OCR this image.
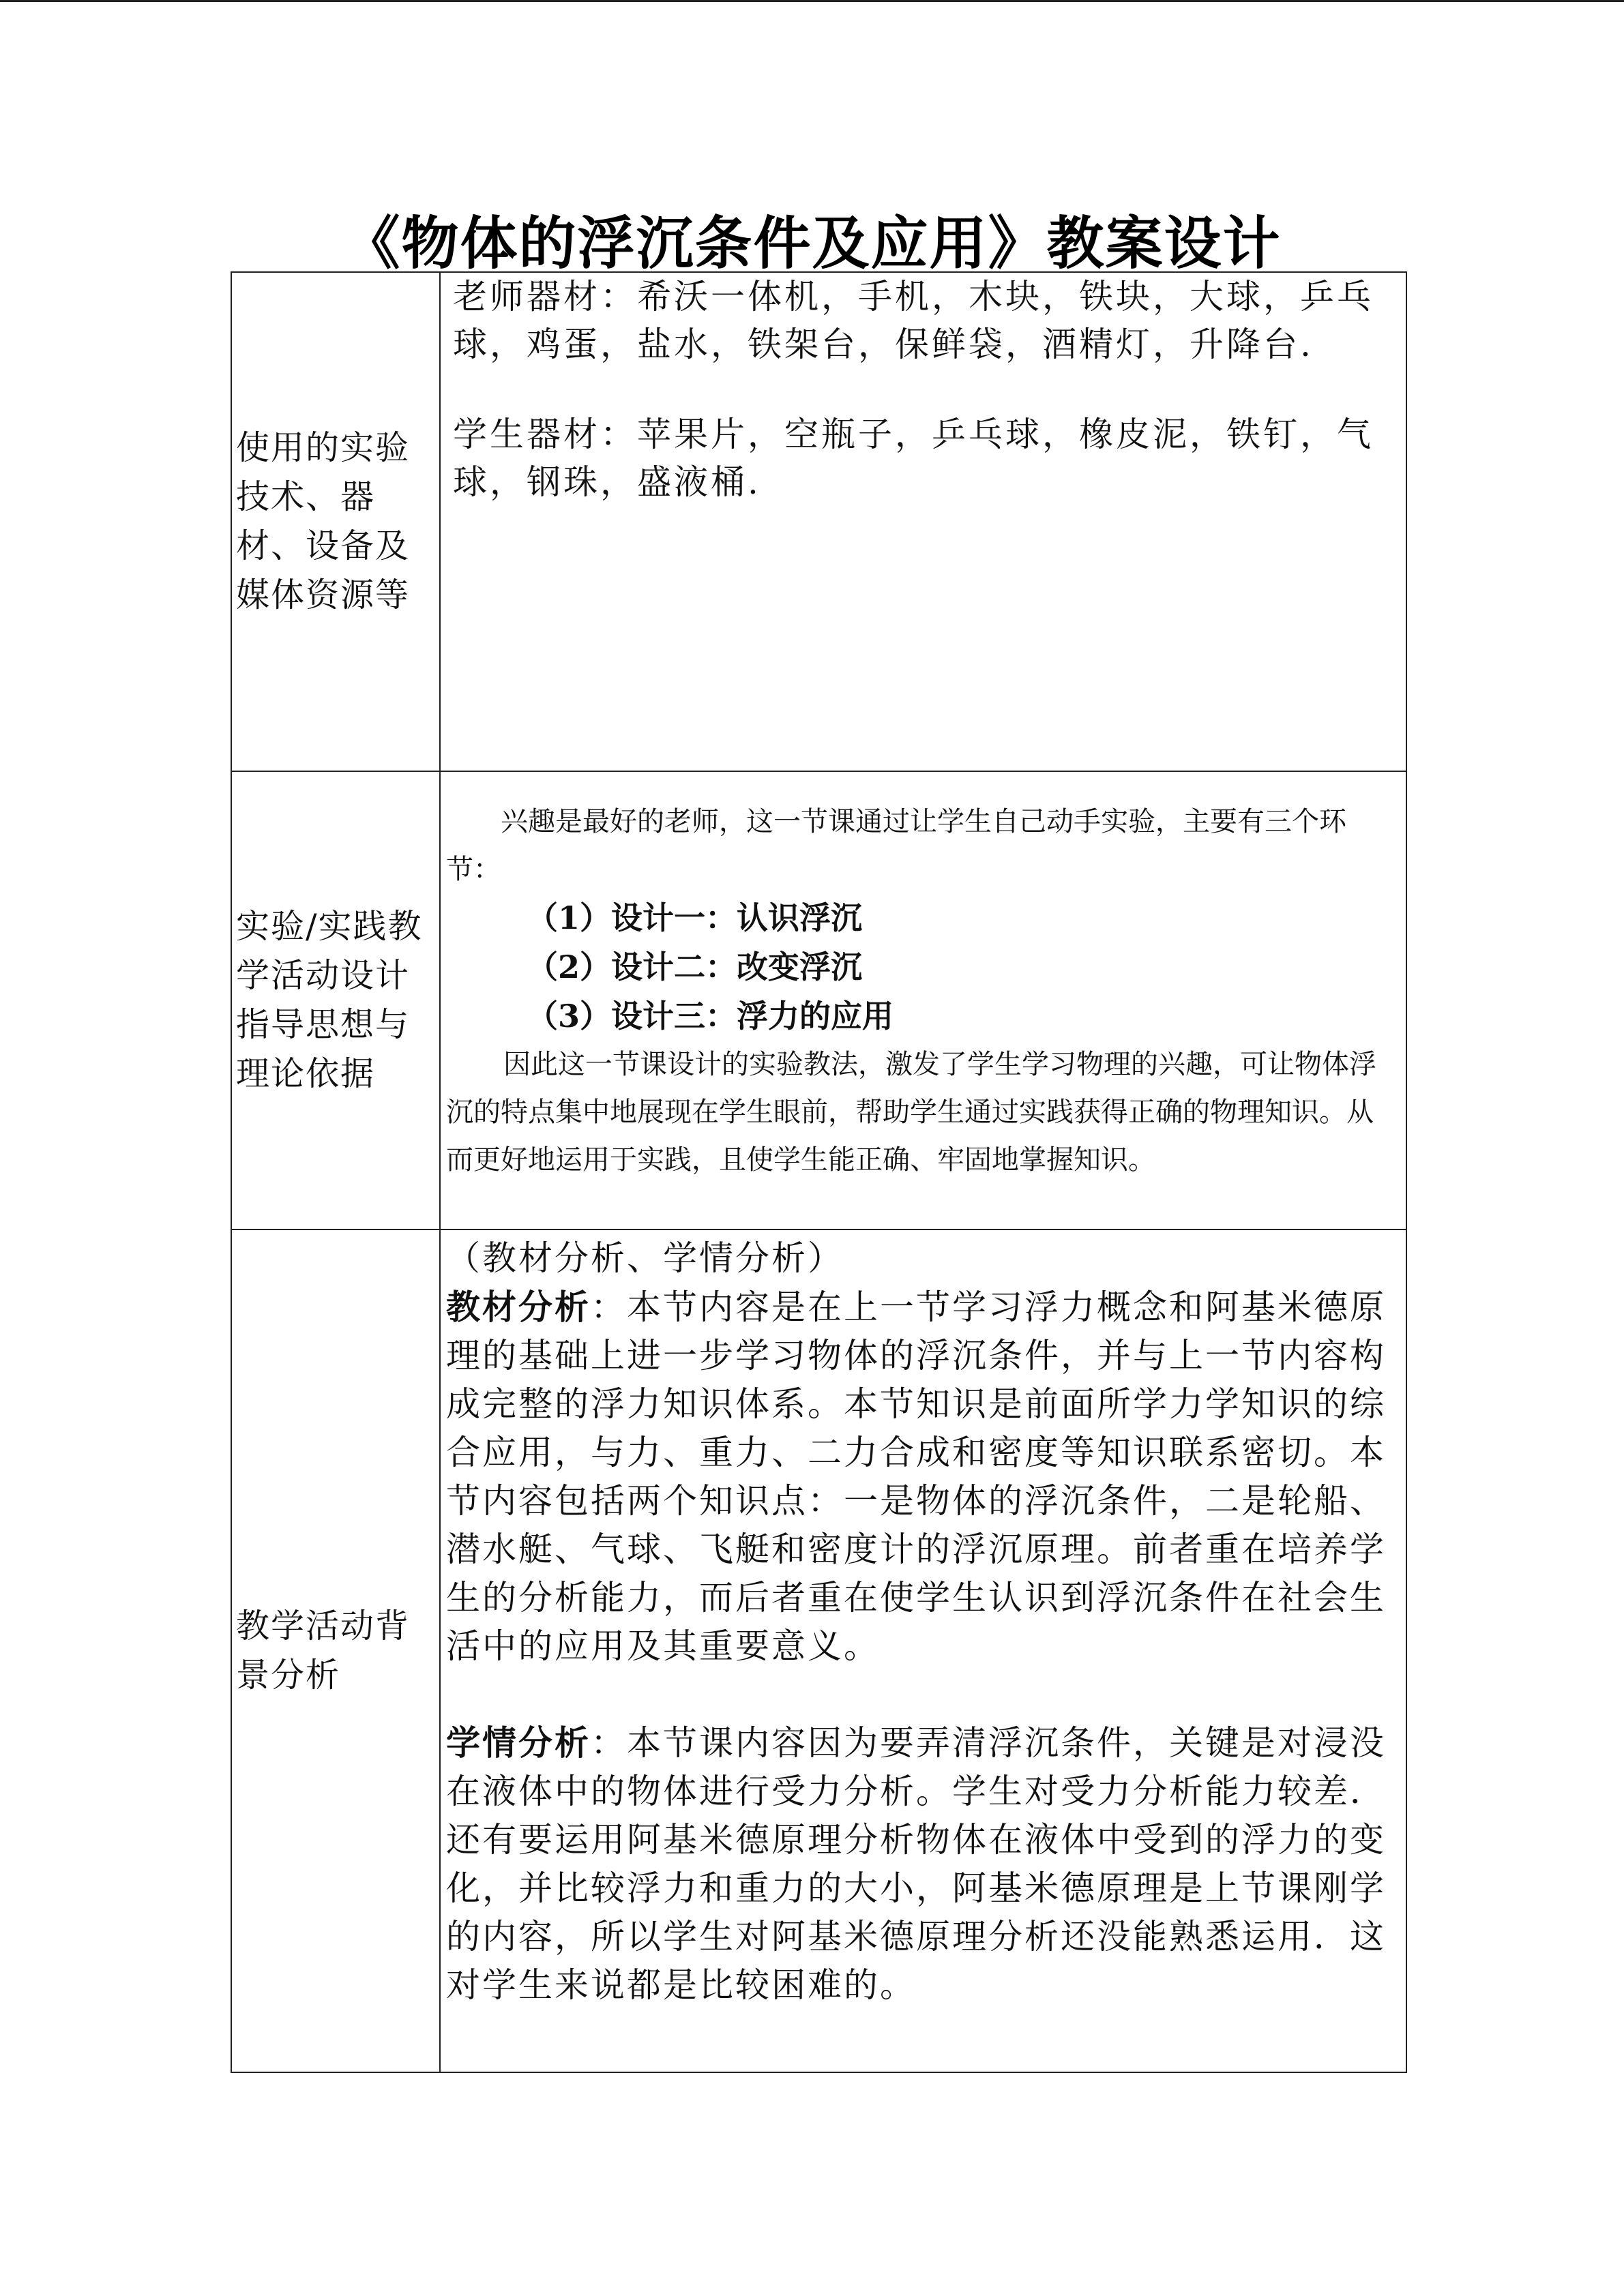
《物体的浮沉条件及应用》教案设计
使用的实验技术、器材、设备及媒体资源等	老师器材：希沃一体机，手机，木块，铁块，大球，乒乓球，鸡蛋，盐水，铁架台，保鲜袋，酒精灯，升降台.

学生器材：苹果片，空瓶子，乒乓球，橡皮泥，铁钉，气球，钢珠，盛液桶.

实验/实践教学活动设计指导思想与理论依据	兴趣是最好的老师，这一节课通过让学生自己动手实验，主要有三个环节：

（1）设计一：认识浮沉
（2）设计二：改变浮沉
（3）设计三：浮力的应用

因此这一节课设计的实验教法，激发了学生学习物理的兴趣，可让物体浮沉的特点集中地展现在学生眼前，帮助学生通过实践获得正确的物理知识。从而更好地运用于实践，且使学生能正确、牢固地掌握知识。

教学活动背景分析	（教材分析、学情分析）

教材分析：本节内容是在上一节学习浮力概念和阿基米德原理的基础上进一步学习物体的浮沉条件，并与上一节内容构成完整的浮力知识体系。本节知识是前面所学力学知识的综合应用，与力、重力、二力合成和密度等知识联系密切。本节内容包括两个知识点：一是物体的浮沉条件，二是轮船、潜水艇、气球、飞艇和密度计的浮沉原理。前者重在培养学生的分析能力，而后者重在使学生认识到浮沉条件在社会生活中的应用及其重要意义。

学情分析：本节课内容因为要弄清浮沉条件，关键是对浸没在液体中的物体进行受力分析。学生对受力分析能力较差．还有要运用阿基米德原理分析物体在液体中受到的浮力的变化，并比较浮力和重力的大小，阿基米德原理是上节课刚学的内容，所以学生对阿基米德原理分析还没能熟悉运用．这对学生来说都是比较困难的。
